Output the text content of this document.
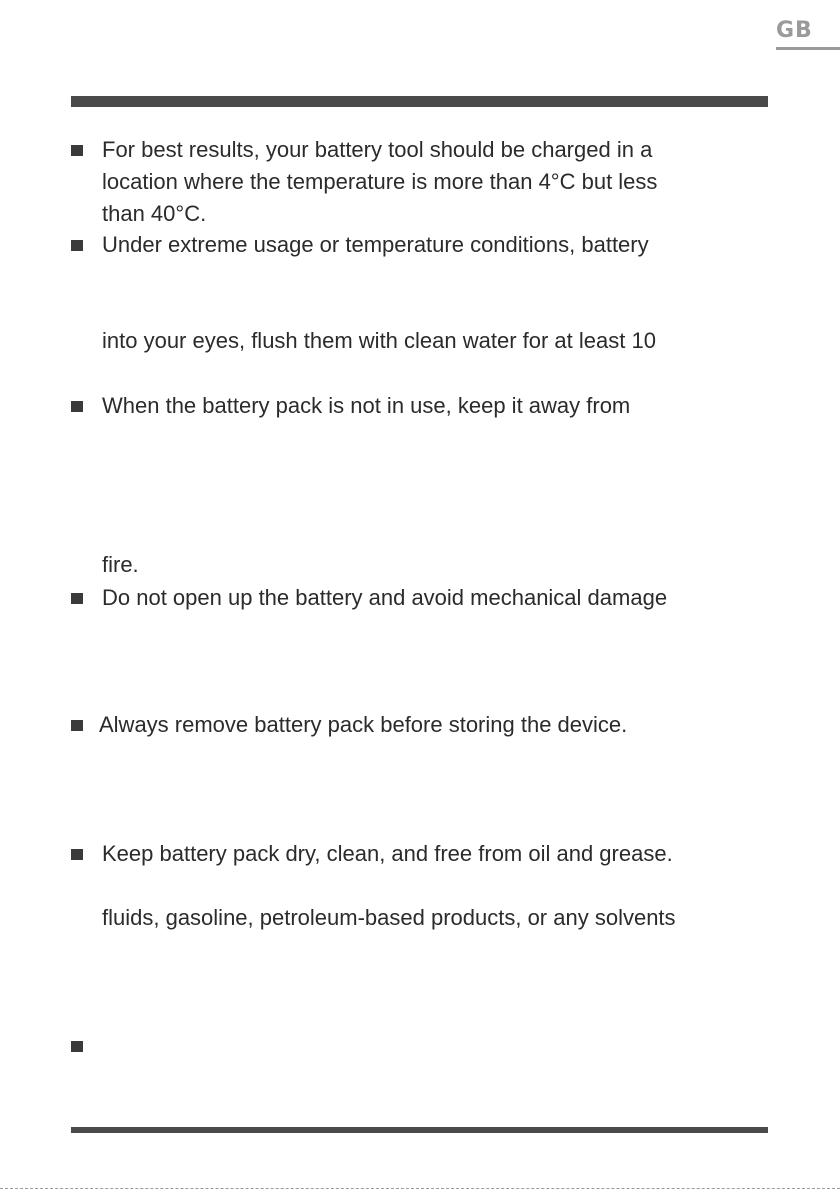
GB
For best results, your battery tool should be charged in a
location where the temperature is more than 4°C but less
than 40°C.
Under extreme usage or temperature conditions, battery
into your eyes, flush them with clean water for at least 10
When the battery pack is not in use, keep it away from
fire.
Do not open up the battery and avoid mechanical damage
Always remove battery pack before storing the device.
Keep battery pack dry, clean, and free from oil and grease.
fluids, gasoline, petroleum-based products, or any solvents
